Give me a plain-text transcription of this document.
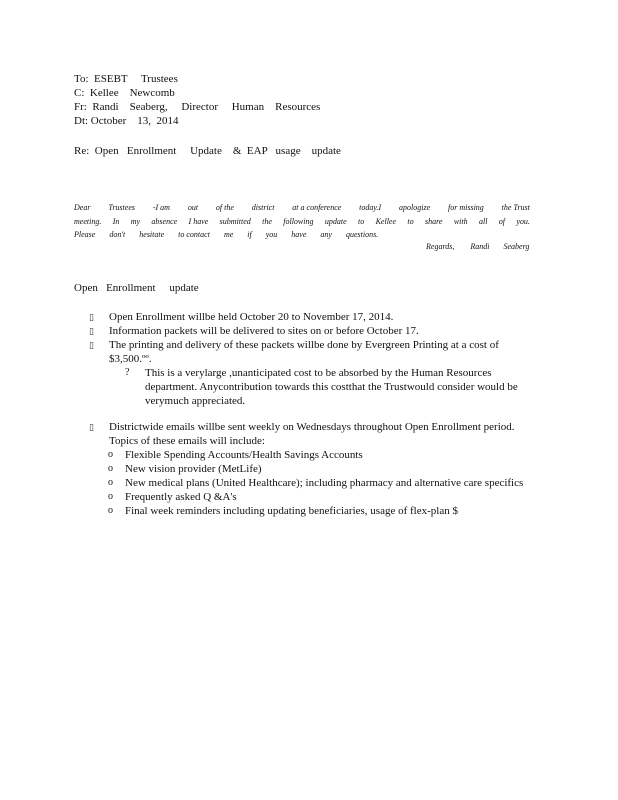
To:  ESEBT     Trustees
C:  Kellee    Newcomb
Fr:  Randi    Seaberg,     Director     Human    Resources
Dt: October    13,  2014
Re:  Open   Enrollment     Update    &  EAP   usage    update
Dear Trustees -I am out of the district at a conference today.I apologize for missing the Trust
meeting. In my absence I have submitted the following update to Kellee to share with all of you.
Please don't hesitate to contact me if you have any questions.
Regards,        Randi       Seaberg
Open   Enrollment     update
▯	Open Enrollment willbe held October 20 to November 17, 2014.
▯	Information packets will be delivered to sites on or before October 17.
▯	The printing and delivery of these packets willbe done by Evergreen Printing at a cost of $3,500.ºº.
?	This is a verylarge ,unanticipated cost to be absorbed by the Human Resources department. Anycontribution towards this costthat the Trustwould consider would be verymuch appreciated.
▯	Districtwide emails willbe sent weekly on Wednesdays throughout Open Enrollment period. Topics of these emails will include:
o	Flexible Spending Accounts/Health Savings Accounts
o	New vision provider (MetLife)
o	New medical plans (United Healthcare); including pharmacy and alternative care specifics
o	Frequently asked Q &A's
o	Final week reminders including updating beneficiaries, usage of flex-plan $
